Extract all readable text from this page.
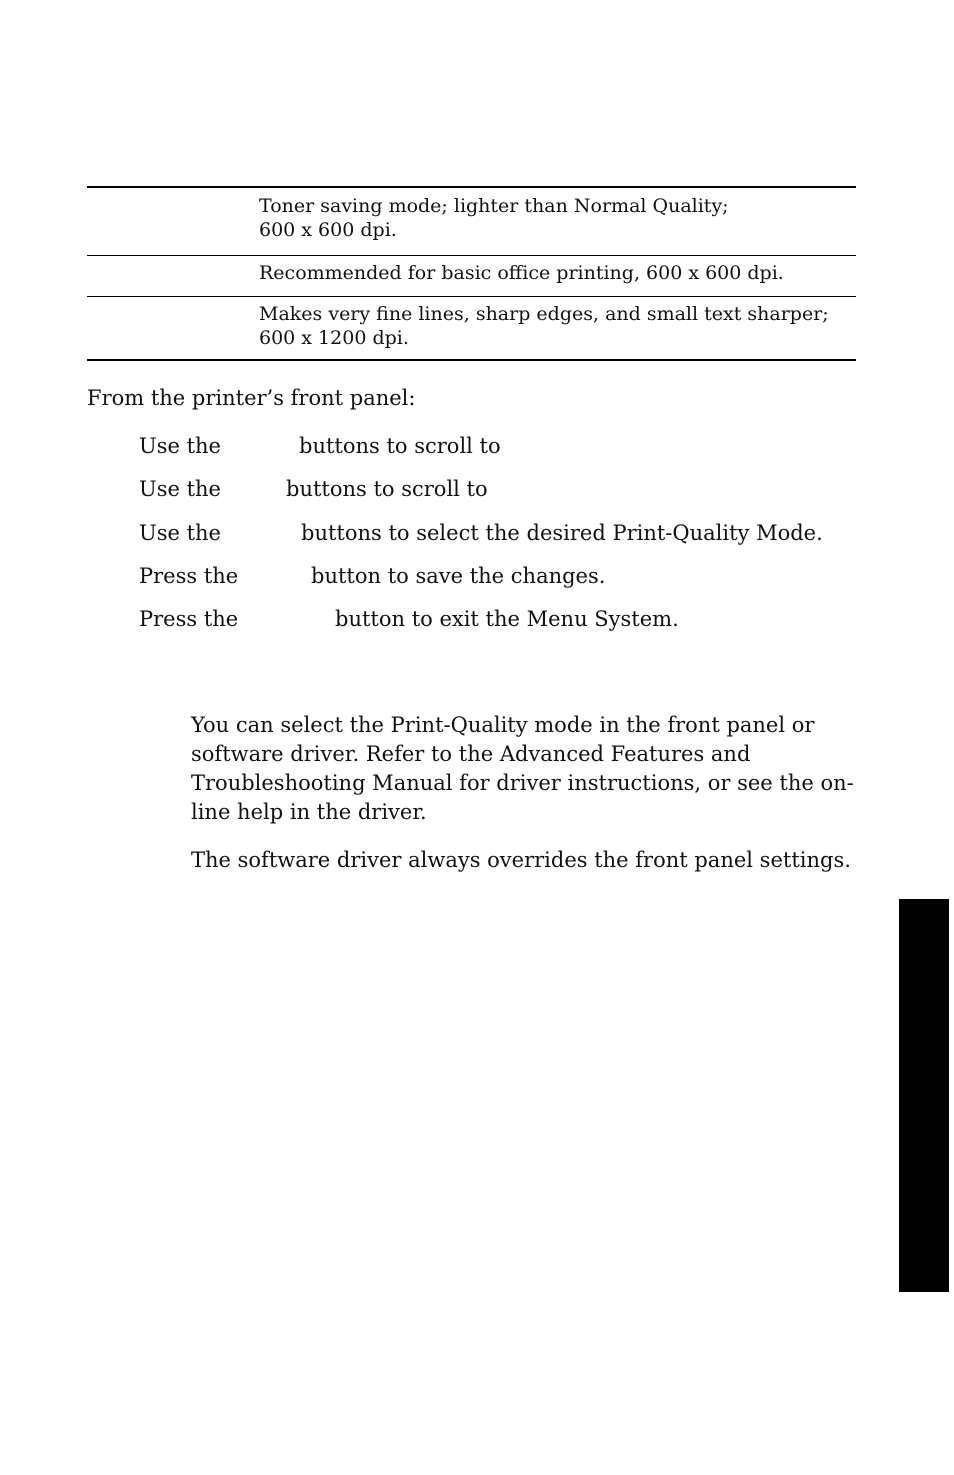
Toner saving mode; lighter than Normal Quality;
600 x 600 dpi.
Recommended for basic office printing, 600 x 600 dpi.
Makes very fine lines, sharp edges, and small text sharper;
600 x 1200 dpi.
From the printer’s front panel:
Use the	buttons to scroll to
Use the	buttons to scroll to
Use the	buttons to select the desired Print-Quality Mode.
Press the	button to save the changes.
Press the	button to exit the Menu System.

You can select the Print-Quality mode in the front panel or software driver. Refer to the Advanced Features and Troubleshooting Manual for driver instructions, or see the on-line help in the driver.

The software driver always overrides the front panel settings.
